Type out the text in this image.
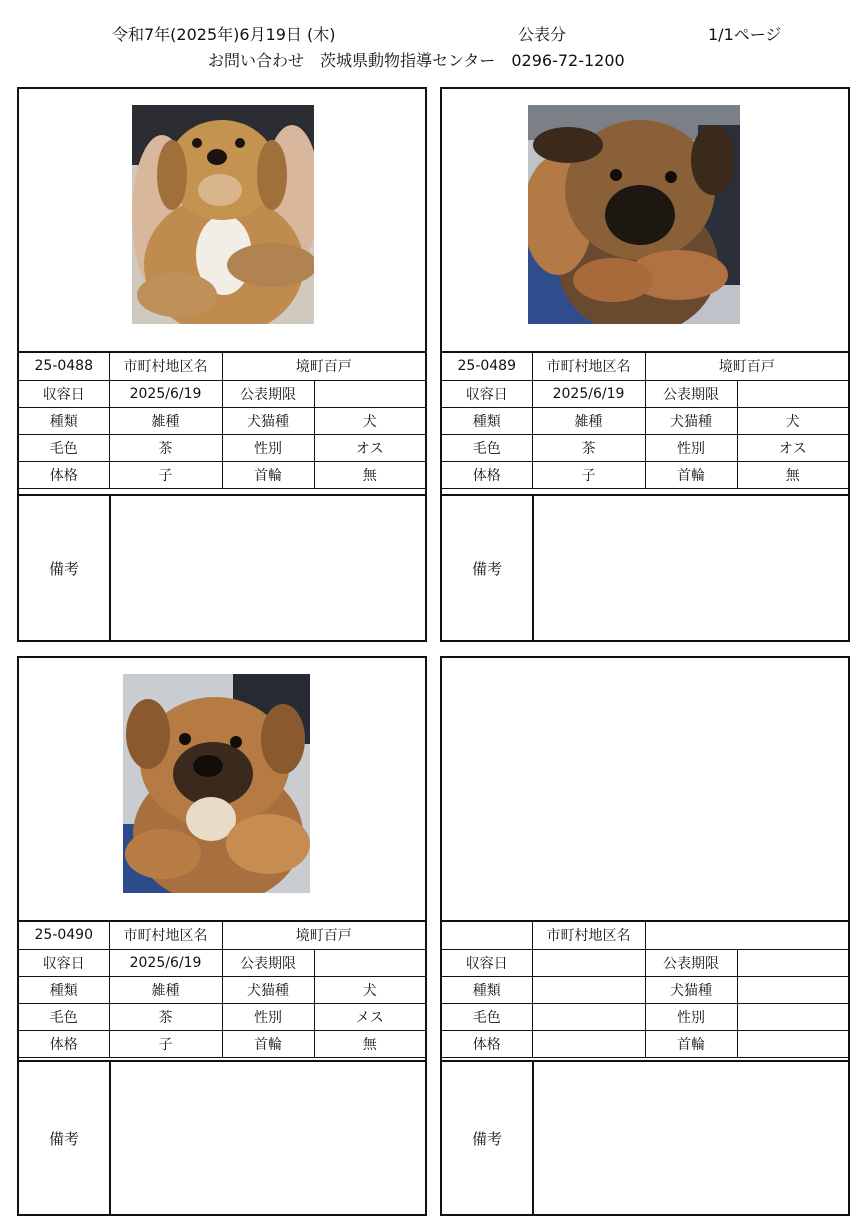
令和7年(2025年)6月19日 (木)	公表分	1/1ページ
お問い合わせ　茨城県動物指導センター　0296-72-1200
25-0488	市町村地区名	境町百戸	
収容日	2025/6/19	公表期限	
種類	雑種	犬猫種	犬
毛色	茶	性別	オス
体格	子	首輪	無
備考
25-0489	市町村地区名	境町百戸	
収容日	2025/6/19	公表期限	
種類	雑種	犬猫種	犬
毛色	茶	性別	オス
体格	子	首輪	無
備考
25-0490	市町村地区名	境町百戸	
収容日	2025/6/19	公表期限	
種類	雑種	犬猫種	犬
毛色	茶	性別	メス
体格	子	首輪	無
備考
	市町村地区名		
収容日		公表期限	
種類		犬猫種	
毛色		性別	
体格		首輪	
備考
